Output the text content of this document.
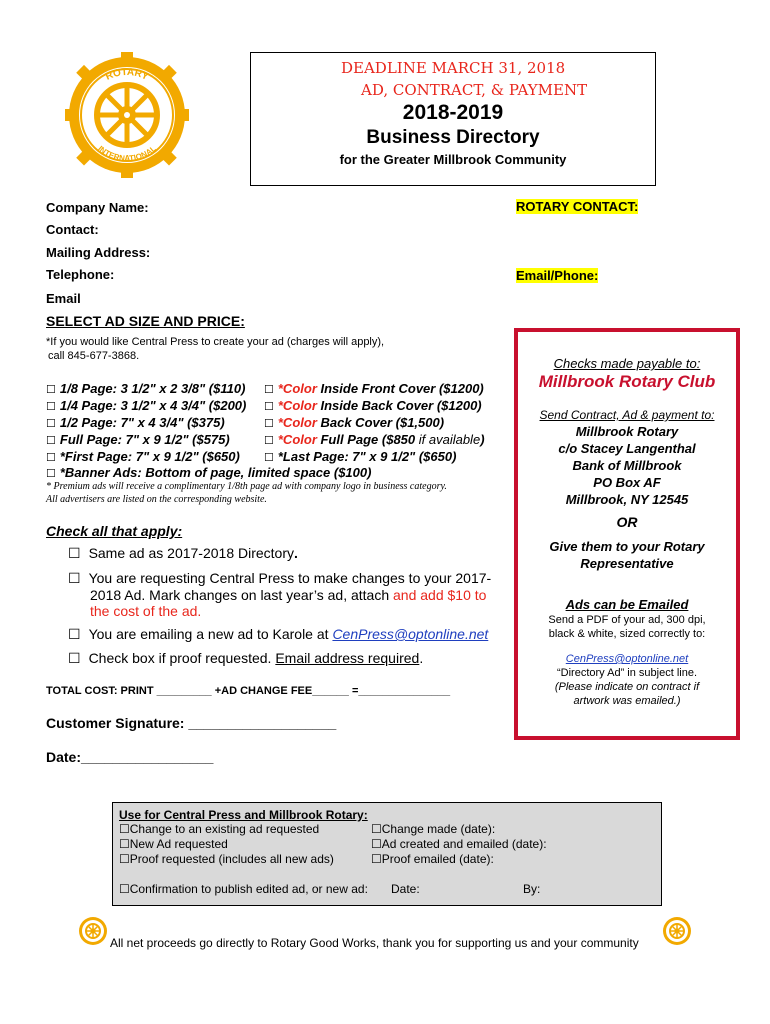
ROTARY
INTERNATIONAL
DEADLINE MARCH 31, 2018
AD, CONTRACT, & PAYMENT
2018-2019
Business Directory
for the Greater Millbrook Community
Company Name:
Contact:
Mailing Address:
Telephone:
Email
ROTARY CONTACT:
Email/Phone:
SELECT AD SIZE AND PRICE:
*If you would like Central Press to create your ad (charges will apply),
call 845-677-3868.
☐ 1/8 Page: 3 1/2" x 2 3/8" ($110)
☐ 1/4 Page: 3 1/2" x 4 3/4" ($200)
☐ 1/2 Page: 7" x 4 3/4" ($375)
☐ Full Page: 7" x 9 1/2" ($575)
☐ *First Page: 7" x 9 1/2" ($650)
☐ *Color Inside Front Cover ($1200)
☐ *Color Inside Back Cover ($1200)
☐ *Color Back Cover ($1,500)
☐ *Color Full Page ($850 if available)
☐ *Last Page: 7" x 9 1/2" ($650)
☐ *Banner Ads: Bottom of page, limited space ($100)
* Premium ads will receive a complimentary 1/8th page ad with company logo in business category.
All advertisers are listed on the corresponding website.
Check all that apply:
☐ Same ad as 2017-2018 Directory.
☐ You are requesting Central Press to make changes to your 2017-
2018 Ad. Mark changes on last year’s ad, attach and add $10 to
the cost of the ad.
☐ You are emailing a new ad to Karole at CenPress@optonline.net
☐ Check box if proof requested. Email address required.
TOTAL COST: PRINT _________ +AD CHANGE FEE______ =_______________
Customer Signature: ___________________
Date:_________________
Checks made payable to:
Millbrook Rotary Club
Send Contract, Ad & payment to:
Millbrook Rotary
c/o Stacey Langenthal
Bank of Millbrook
PO Box AF
Millbrook, NY 12545
OR
Give them to your Rotary
Representative
Ads can be Emailed
Send a PDF of your ad, 300 dpi,
black & white, sized correctly to:
CenPress@optonline.net
“Directory Ad” in subject line.
(Please indicate on contract if
artwork was emailed.)
Use for Central Press and Millbrook Rotary:
☐Change to an existing ad requested
☐New Ad requested
☐Proof requested (includes all new ads)
☐Change made (date):
☐Ad created and emailed (date):
☐Proof emailed (date):
☐Confirmation to publish edited ad, or new ad: Date:	By:
All net proceeds go directly to Rotary Good Works, thank you for supporting us and your community
